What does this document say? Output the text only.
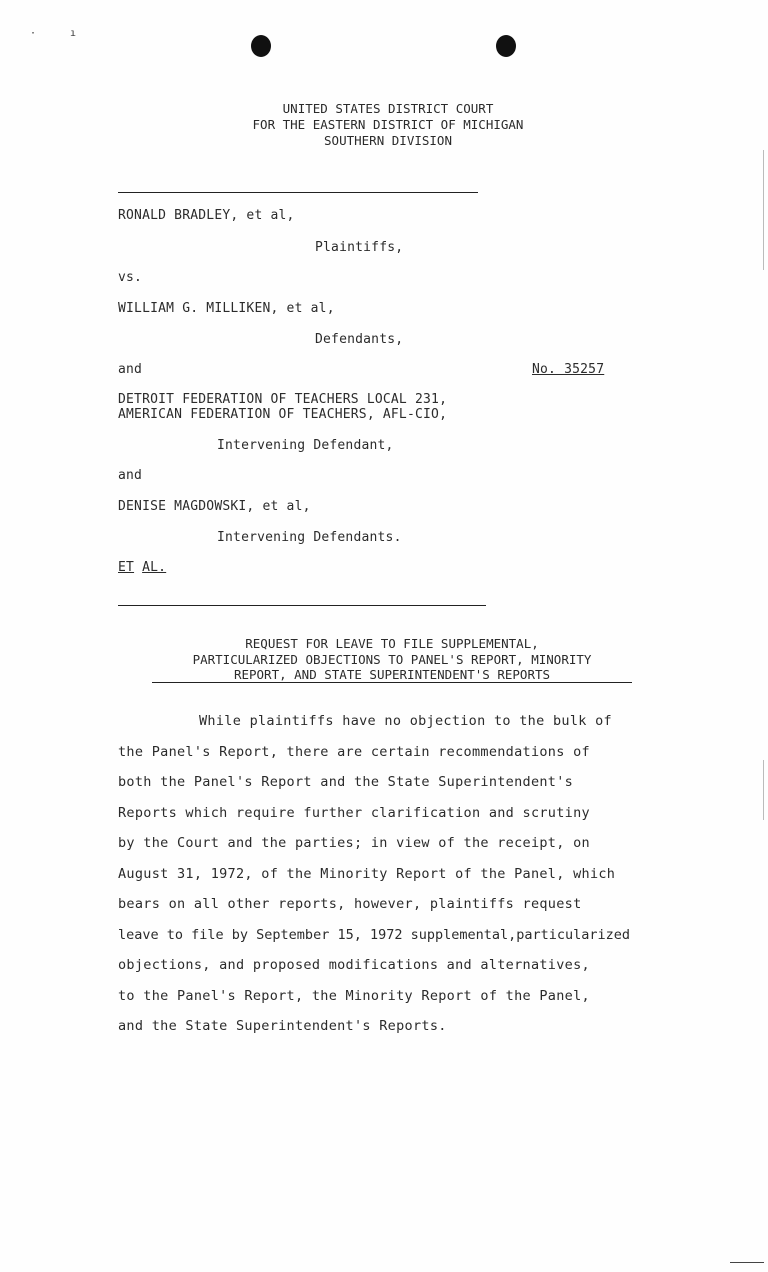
·	ı
UNITED STATES DISTRICT COURT
FOR THE EASTERN DISTRICT OF MICHIGAN
SOUTHERN DIVISION
RONALD BRADLEY, et al,
Plaintiffs,
vs.
WILLIAM G. MILLIKEN, et al,
Defendants,
and	No. 35257
DETROIT FEDERATION OF TEACHERS LOCAL 231,
AMERICAN FEDERATION OF TEACHERS, AFL-CIO,
Intervening Defendant,
and
DENISE MAGDOWSKI, et al,
Intervening Defendants.
ET AL.
REQUEST FOR LEAVE TO FILE SUPPLEMENTAL,
PARTICULARIZED OBJECTIONS TO PANEL'S REPORT, MINORITY
REPORT, AND STATE SUPERINTENDENT'S REPORTS
While plaintiffs have no objection to the bulk of
the Panel's Report, there are certain recommendations of
both the Panel's Report and the State Superintendent's
Reports which require further clarification and scrutiny
by the Court and the parties; in view of the receipt, on
August 31, 1972, of the Minority Report of the Panel, which
bears on all other reports, however, plaintiffs request
leave to file by September 15, 1972 supplemental,particularized
objections, and proposed modifications and alternatives,
to the Panel's Report, the Minority Report of the Panel,
and the State Superintendent's Reports.
